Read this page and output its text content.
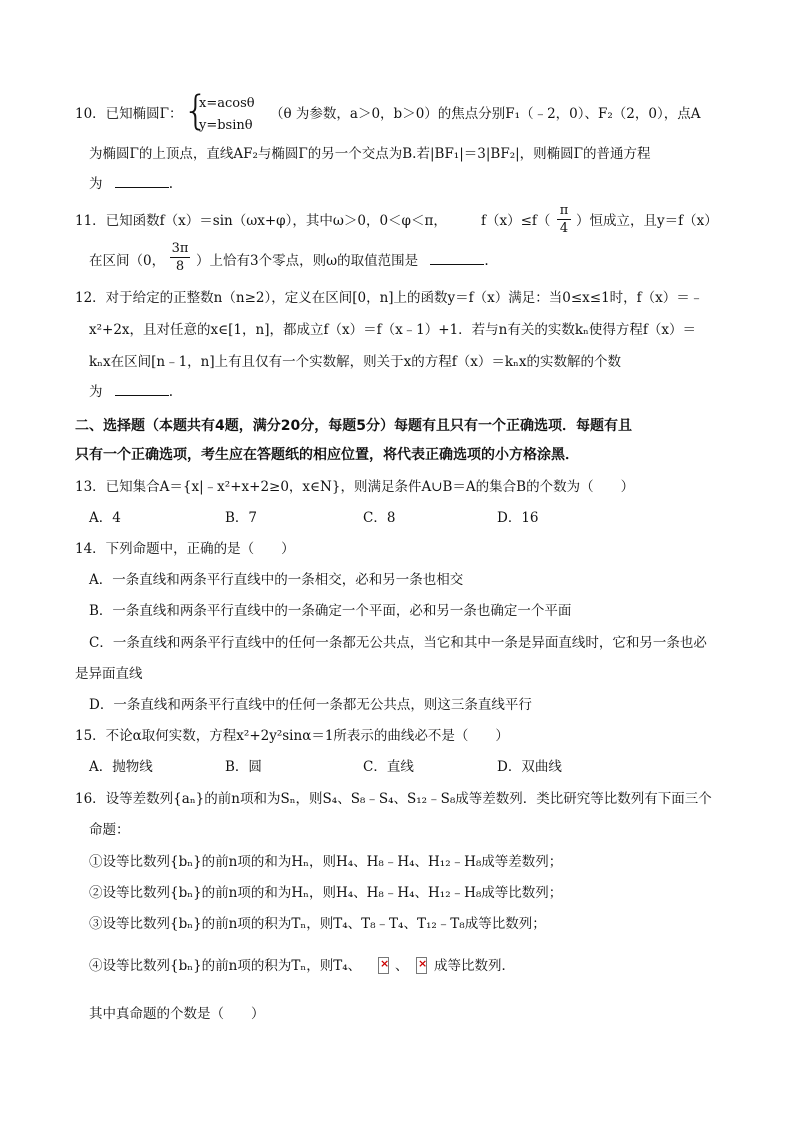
10．已知椭圆Γ： {
x=acosθ
y=bsinθ
（θ 为参数，a＞0，b＞0）的焦点分别F₁（﹣2，0）、F₂（2，0），点A
为椭圆Γ的上顶点，直线AF₂与椭圆Γ的另一个交点为B.若|BF₁|＝3|BF₂|，则椭圆Γ的普通方程
为	.
11．已知函数f（x）＝sin（ωx+φ），其中ω＞0，0＜φ＜π，	f（x）≤f（
π
4 ）恒成立，且y＝f（x）
在区间（0，
3π
8 ）上恰有3个零点，则ω的取值范围是	.
12．对于给定的正整数n（n≥2），定义在区间[0，n]上的函数y＝f（x）满足：当0≤x≤1时，f（x）＝﹣
x²+2x，且对任意的x∈[1，n]，都成立f（x）＝f（x﹣1）+1．若与n有关的实数kₙ使得方程f（x）＝
kₙx在区间[n﹣1，n]上有且仅有一个实数解，则关于x的方程f（x）＝kₙx的实数解的个数
为	.
二、选择题（本题共有4题，满分20分，每题5分）每题有且只有一个正确选项．每题有且
只有一个正确选项，考生应在答题纸的相应位置，将代表正确选项的小方格涂黑．
13．已知集合A＝{x|﹣x²+x+2≥0，x∈N}，则满足条件A∪B＝A的集合B的个数为（　　）
A．4	B．7	C．8	D．16
14．下列命题中，正确的是（　　）
A．一条直线和两条平行直线中的一条相交，必和另一条也相交
B．一条直线和两条平行直线中的一条确定一个平面，必和另一条也确定一个平面
C．一条直线和两条平行直线中的任何一条都无公共点，当它和其中一条是异面直线时，它和另一条也必
是异面直线
D．一条直线和两条平行直线中的任何一条都无公共点，则这三条直线平行
15．不论α取何实数，方程x²+2y²sinα＝1所表示的曲线必不是（　　）
A．抛物线	B．圆	C．直线	D．双曲线
16．设等差数列{aₙ}的前n项和为Sₙ，则S₄、S₈﹣S₄、S₁₂﹣S₈成等差数列．类比研究等比数列有下面三个
命题：
①设等比数列{bₙ}的前n项的和为Hₙ，则H₄、H₈﹣H₄、H₁₂﹣H₈成等差数列；
②设等比数列{bₙ}的前n项的和为Hₙ，则H₄、H₈﹣H₄、H₁₂﹣H₈成等比数列；
③设等比数列{bₙ}的前n项的积为Tₙ，则T₄、T₈﹣T₄、T₁₂﹣T₈成等比数列；
④设等比数列{bₙ}的前n项的积为Tₙ，则T₄、 ×	、 × 成等比数列．
其中真命题的个数是（　　）
